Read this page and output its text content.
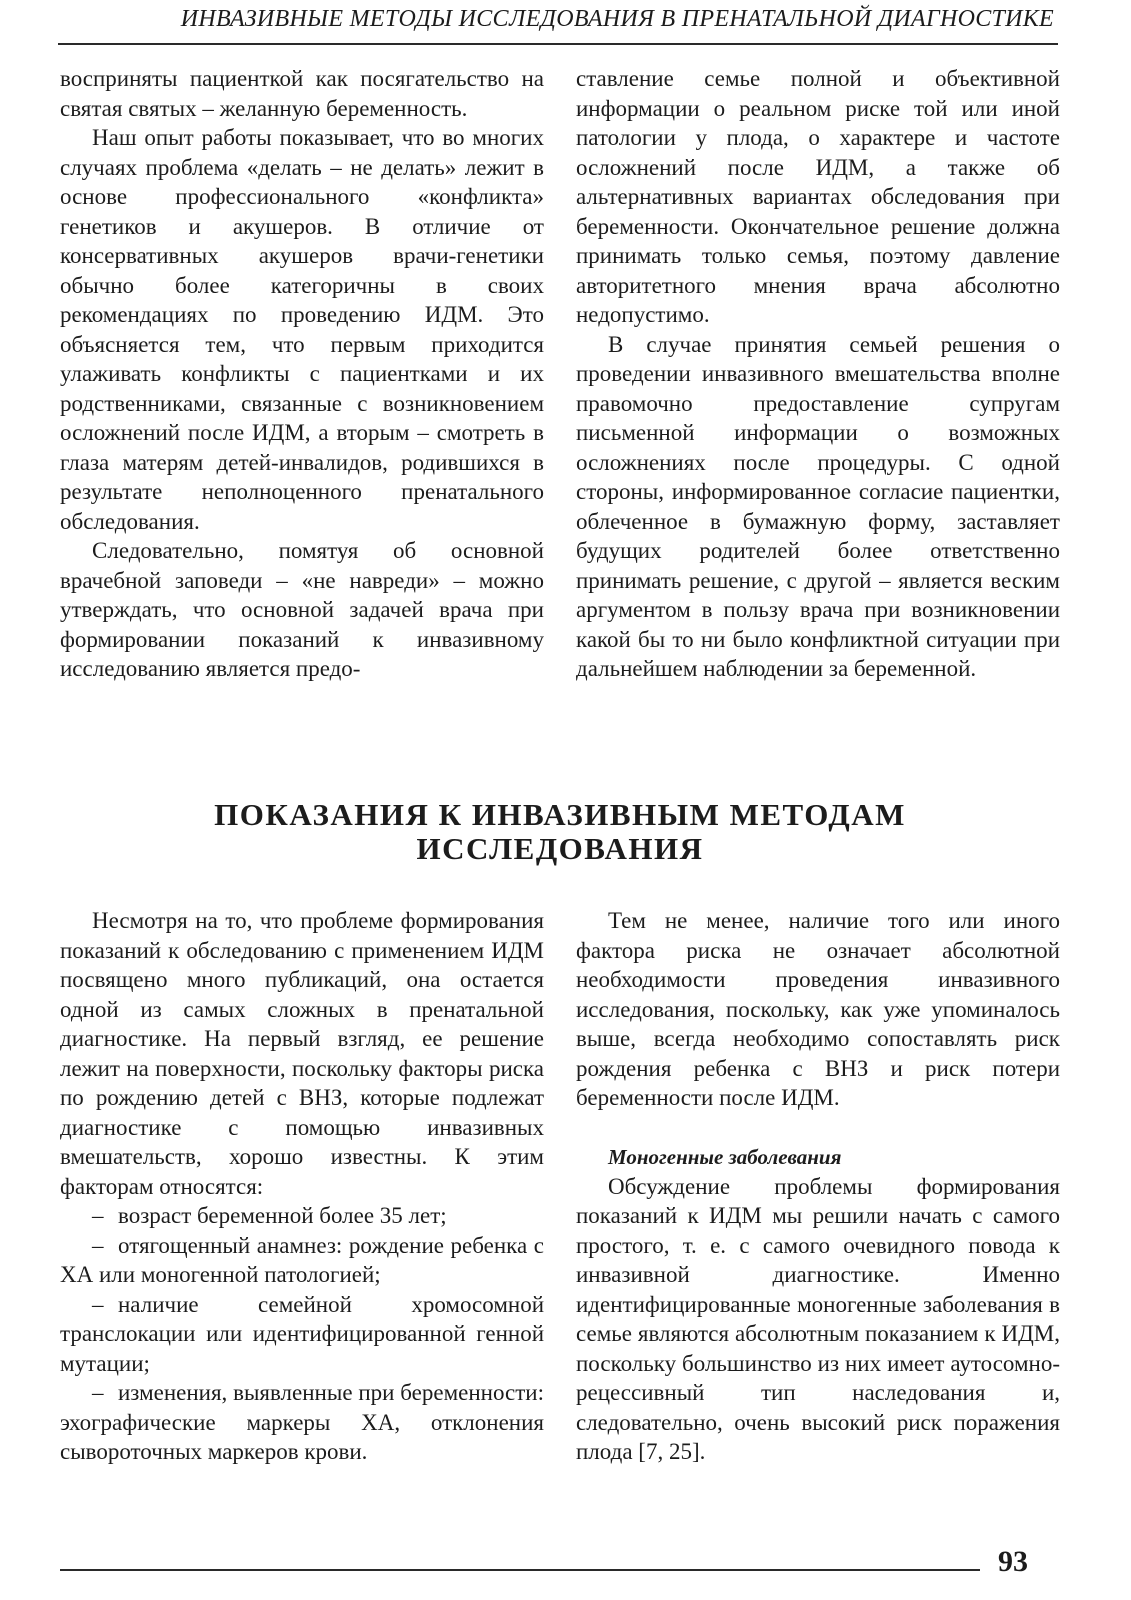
ИНВАЗИВНЫЕ МЕТОДЫ ИССЛЕДОВАНИЯ В ПРЕНАТАЛЬНОЙ ДИАГНОСТИКЕ

восприняты пациенткой как посягательство на святая святых – желанную беременность.

Наш опыт работы показывает, что во многих случаях проблема «делать – не делать» лежит в основе профессионального «конфликта» генетиков и акушеров. В отличие от консервативных акушеров врачи-генетики обычно более категоричны в своих рекомендациях по проведению ИДМ. Это объясняется тем, что первым приходится улаживать конфликты с пациентками и их родственниками, связанные с возникновением осложнений после ИДМ, а вторым – смотреть в глаза матерям детей-инвалидов, родившихся в результате неполноценного пренатального обследования.

Следовательно, помятуя об основной врачебной заповеди – «не навреди» – можно утверждать, что основной задачей врача при формировании показаний к инвазивному исследованию является предо-

ставление семье полной и объективной информации о реальном риске той или иной патологии у плода, о характере и частоте осложнений после ИДМ, а также об альтернативных вариантах обследования при беременности. Окончательное решение должна принимать только семья, поэтому давление авторитетного мнения врача абсолютно недопустимо.

В случае принятия семьей решения о проведении инвазивного вмешательства вполне правомочно предоставление супругам письменной информации о возможных осложнениях после процедуры. С одной стороны, информированное согласие пациентки, облеченное в бумажную форму, заставляет будущих родителей более ответственно принимать решение, с другой – является веским аргументом в пользу врача при возникновении какой бы то ни было конфликтной ситуации при дальнейшем наблюдении за беременной.

ПОКАЗАНИЯ К ИНВАЗИВНЫМ МЕТОДАМ
ИССЛЕДОВАНИЯ

Несмотря на то, что проблеме формирования показаний к обследованию с применением ИДМ посвящено много публикаций, она остается одной из самых сложных в пренатальной диагностике. На первый взгляд, ее решение лежит на поверхности, поскольку факторы риска по рождению детей с ВНЗ, которые подлежат диагностике с помощью инвазивных вмешательств, хорошо известны. К этим факторам относятся:

– возраст беременной более 35 лет;
– отягощенный анамнез: рождение ребенка с ХА или моногенной патологией;
– наличие семейной хромосомной транслокации или идентифицированной генной мутации;
– изменения, выявленные при беременности: эхографические маркеры ХА, отклонения сывороточных маркеров крови.

Тем не менее, наличие того или иного фактора риска не означает абсолютной необходимости проведения инвазивного исследования, поскольку, как уже упоминалось выше, всегда необходимо сопоставлять риск рождения ребенка с ВНЗ и риск потери беременности после ИДМ.

Моногенные заболевания

Обсуждение проблемы формирования показаний к ИДМ мы решили начать с самого простого, т. е. с самого очевидного повода к инвазивной диагностике. Именно идентифицированные моногенные заболевания в семье являются абсолютным показанием к ИДМ, поскольку большинство из них имеет аутосомно-рецессивный тип наследования и, следовательно, очень высокий риск поражения плода [7, 25].

93
